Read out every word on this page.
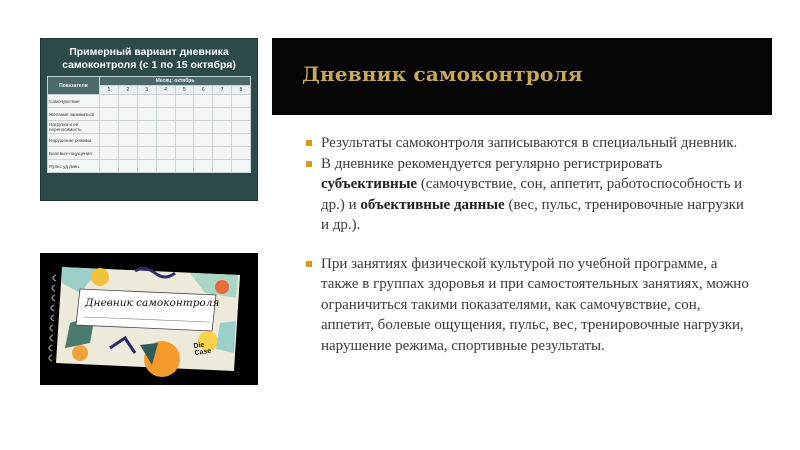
Примерный вариант дневника
самоконтроля (с 1 по 15 октября)
Показатели	Месяц: октябрь							
	1	2	3	4	5	6	7	8
Самочувствие								
Желание заниматься								
Нагрузка и её переносимость								
Нарушение режима								
Болевые ощущения								
Пульс уд./мин.								
Дневник самоконтроля
Дневник самоконтроля
Die
Case

Результаты самоконтроля записываются в специальный дневник.

В дневнике рекомендуется регулярно регистрировать субъективные (самочувствие, сон, аппетит, работоспособность и др.) и объективные данные (вес, пульс, тренировочные нагрузки и др.).

При занятиях физической культурой по учебной программе, а также в группах здоровья и при самостоятельных занятиях, можно ограничиться такими показателями, как самочувствие, сон, аппетит, болевые ощущения, пульс, вес, тренировочные нагрузки, нарушение режима, спортивные результаты.
